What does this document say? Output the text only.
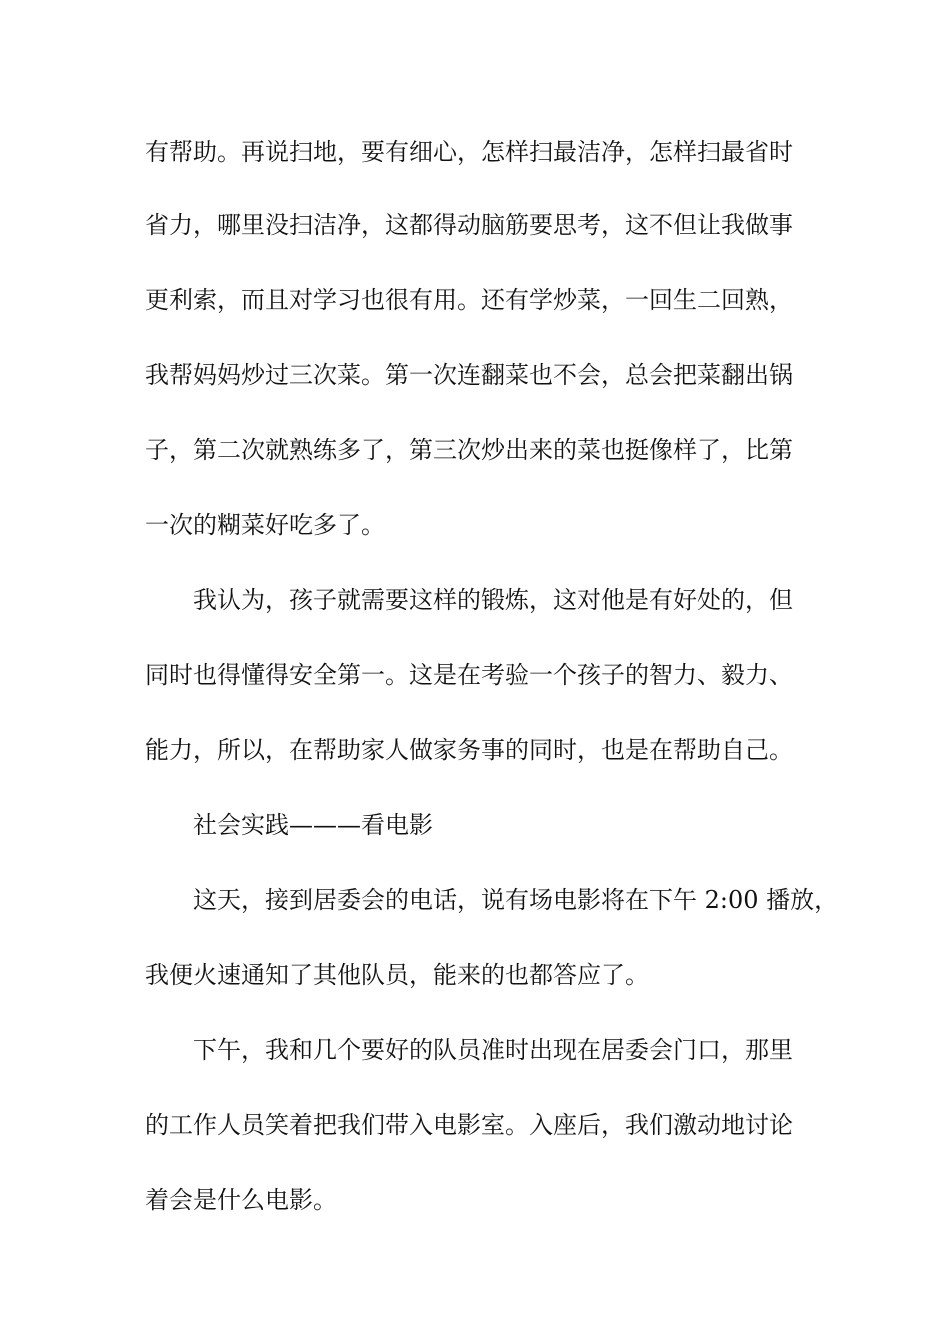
有帮助。再说扫地，要有细心，怎样扫最洁净，怎样扫最省时
省力，哪里没扫洁净，这都得动脑筋要思考，这不但让我做事
更利索，而且对学习也很有用。还有学炒菜，一回生二回熟，
我帮妈妈炒过三次菜。第一次连翻菜也不会，总会把菜翻出锅
子，第二次就熟练多了，第三次炒出来的菜也挺像样了，比第
一次的糊菜好吃多了。
我认为，孩子就需要这样的锻炼，这对他是有好处的，但
同时也得懂得安全第一。这是在考验一个孩子的智力、毅力、
能力，所以，在帮助家人做家务事的同时，也是在帮助自己。
社会实践———看电影
这天，接到居委会的电话，说有场电影将在下午 2:00 播放，
我便火速通知了其他队员，能来的也都答应了。
下午，我和几个要好的队员准时出现在居委会门口，那里
的工作人员笑着把我们带入电影室。入座后，我们激动地讨论
着会是什么电影。
